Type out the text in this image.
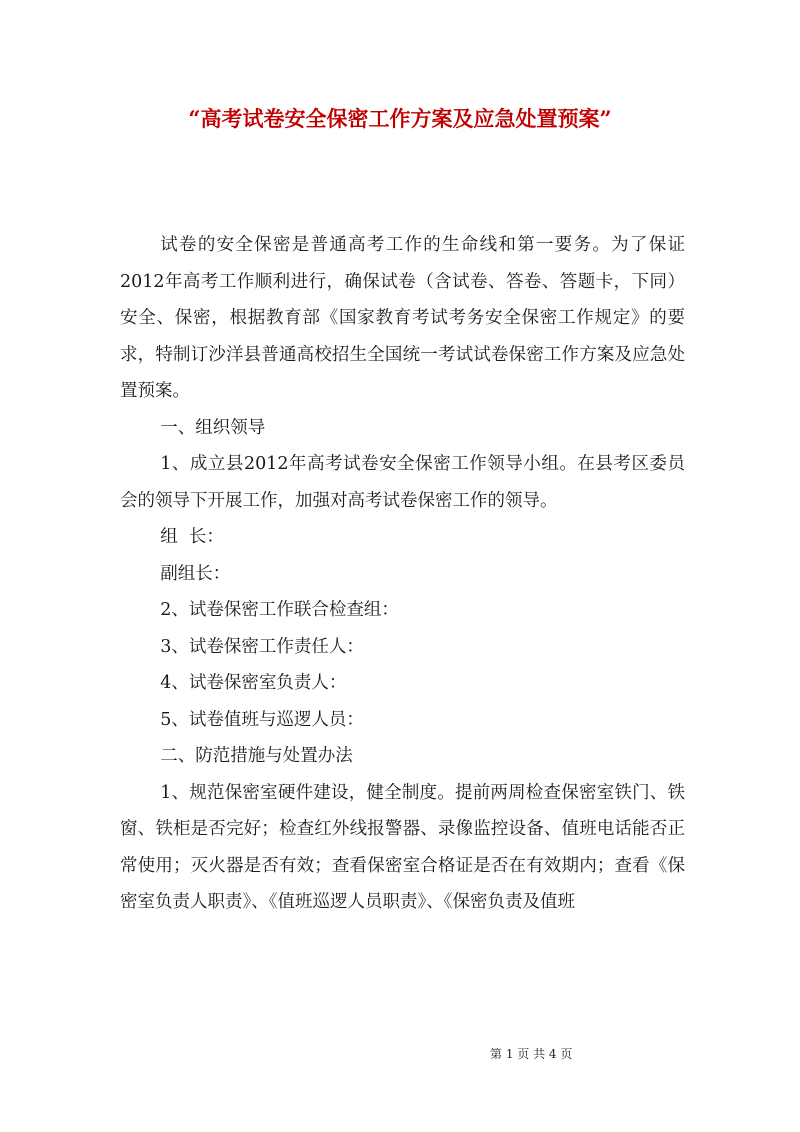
“高考试卷安全保密工作方案及应急处置预案”

试卷的安全保密是普通高考工作的生命线和第一要务。为了保证2012年高考工作顺利进行，确保试卷（含试卷、答卷、答题卡，下同）安全、保密，根据教育部《国家教育考试考务安全保密工作规定》的要求，特制订沙洋县普通高校招生全国统一考试试卷保密工作方案及应急处置预案。

一、组织领导

1、成立县2012年高考试卷安全保密工作领导小组。在县考区委员会的领导下开展工作，加强对高考试卷保密工作的领导。

组  长：

副组长：

2、试卷保密工作联合检查组：

3、试卷保密工作责任人：

4、试卷保密室负责人：

5、试卷值班与巡逻人员：

二、防范措施与处置办法

1、规范保密室硬件建设，健全制度。提前两周检查保密室铁门、铁窗、铁柜是否完好；检查红外线报警器、录像监控设备、值班电话能否正常使用；灭火器是否有效；查看保密室合格证是否在有效期内；查看《保密室负责人职责》、《值班巡逻人员职责》、《保密负责及值班

第 1 页 共 4 页
